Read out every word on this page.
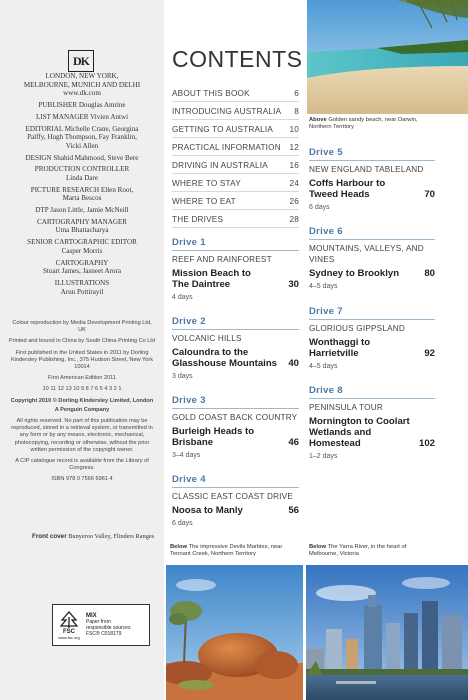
DK
LONDON, NEW YORK,
MELBOURNE, MUNICH AND DELHI
www.dk.com
PUBLISHER Douglas Amrine
LIST MANAGER Vivien Antwi
EDITORIAL Michelle Crane, Georgina
Palffy, Hugh Thompson, Fay Franklin,
Vicki Allen
DESIGN Shahid Mahmood, Steve Bere
PRODUCTION CONTROLLER
Linda Dare
PICTURE RESEARCH Ellen Root,
Marta Bescos
DTP Jason Little, Jamie McNeill
CARTOGRAPHY MANAGER
Uma Bhattacharya
SENIOR CARTOGRAPHIC EDITOR
Casper Morris
CARTOGRAPHY
Stuart James, Jasneet Arora
ILLUSTRATIONS
Arun Pottirayil
Colour reproduction by Media Development Printing Ltd, UK
Printed and bound in China by South China Printing Co Ltd
First published in the United States in 2011 by Dorling Kindersley Publishing, Inc., 375 Hudson Street, New York 10014
First American Edition 2011
10 11 12 13 10 9 8 7 6 5 4 3 2 1
Copyright 2010 © Dorling Kindersley Limited, London
A Penguin Company
All rights reserved. No part of this publication may be reproduced, stored in a retrieval system, or transmitted in any form or by any means, electronic, mechanical, photocopying, recording or otherwise, without the prior written permission of the copyright owner.
A CIP catalogue record is available from the Library of Congress.
ISBN 978 0 7566 6961 4
Front cover Bunyeroo Valley, Flinders Ranges
FSC
www.fsc.org
MIX
Paper from
responsible sources
FSC® C018179
CONTENTS
ABOUT THIS BOOK	6
INTRODUCING AUSTRALIA 8
GETTING TO AUSTRALIA 10
PRACTICAL INFORMATION 12
DRIVING IN AUSTRALIA	16
WHERE TO STAY	24
WHERE TO EAT	26
THE DRIVES	28
Drive 1
REEF AND RAINFOREST
Mission Beach to
The Daintree	30
4 days
Drive 2
VOLCANIC HILLS
Caloundra to the
Glasshouse Mountains 40
3 days
Drive 3
GOLD COAST BACK COUNTRY
Burleigh Heads to
Brisbane	46
3–4 days
Drive 4
CLASSIC EAST COAST DRIVE
Noosa to Manly	56
6 days
Above Golden sandy beach, near Darwin, Northern Territory
Drive 5
NEW ENGLAND TABLELAND
Coffs Harbour to
Tweed Heads	70
6 days
Drive 6
MOUNTAINS, VALLEYS, AND
VINES
Sydney to Brooklyn	80
4–5 days
Drive 7
GLORIOUS GIPPSLAND
Wonthaggi to
Harrietville	92
4–5 days
Drive 8
PENINSULA TOUR
Mornington to Coolart
Wetlands and
Homestead	102
1–2 days
Below The impressive Devils Marbles, near Tennant Creek, Northern Territory
Below The Yarra River, in the heart of Melbourne, Victoria
